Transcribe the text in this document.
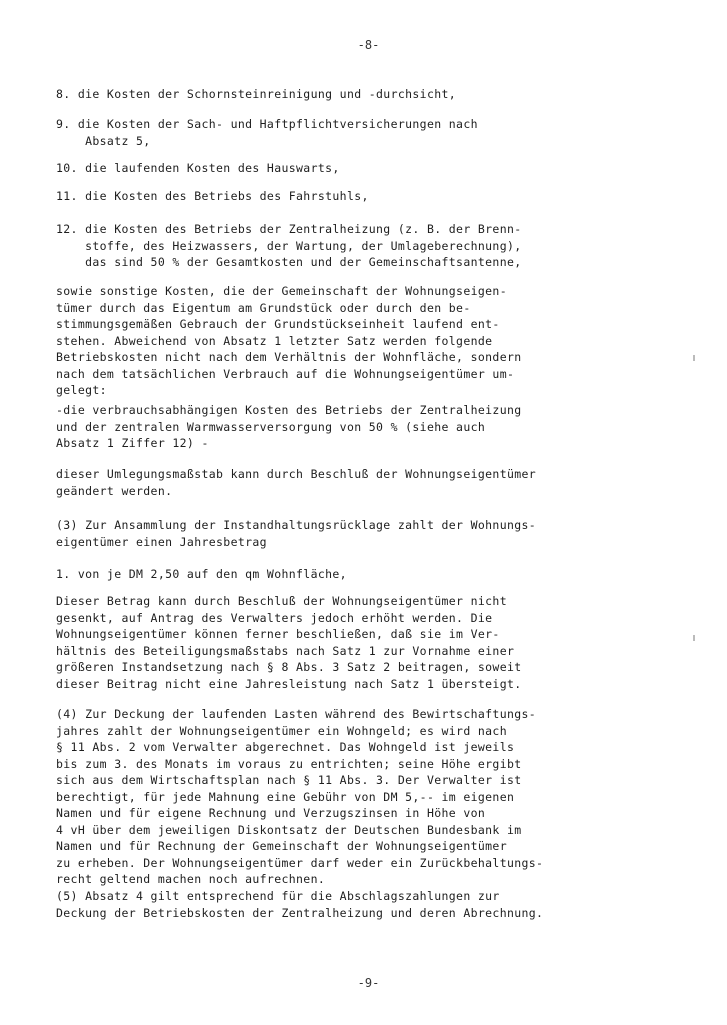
-8-
8. die Kosten der Schornsteinreinigung und -durchsicht,
9. die Kosten der Sach- und Haftpflichtversicherungen nach
Absatz 5,
10. die laufenden Kosten des Hauswarts,
11. die Kosten des Betriebs des Fahrstuhls,
12. die Kosten des Betriebs der Zentralheizung (z. B. der Brenn-
stoffe, des Heizwassers, der Wartung, der Umlageberechnung),
das sind 50 % der Gesamtkosten und der Gemeinschaftsantenne,
sowie sonstige Kosten, die der Gemeinschaft der Wohnungseigen-
tümer durch das Eigentum am Grundstück oder durch den be-
stimmungsgemäßen Gebrauch der Grundstückseinheit laufend ent-
stehen. Abweichend von Absatz 1 letzter Satz werden folgende
Betriebskosten nicht nach dem Verhältnis der Wohnfläche, sondern
nach dem tatsächlichen Verbrauch auf die Wohnungseigentümer um-
gelegt:
-die verbrauchsabhängigen Kosten des Betriebs der Zentralheizung
und der zentralen Warmwasserversorgung von 50 % (siehe auch
Absatz 1 Ziffer 12) -
dieser Umlegungsmaßstab kann durch Beschluß der Wohnungseigentümer
geändert werden.
(3) Zur Ansammlung der Instandhaltungsrücklage zahlt der Wohnungs-
eigentümer einen Jahresbetrag
1. von je DM 2,50 auf den qm Wohnfläche,
Dieser Betrag kann durch Beschluß der Wohnungseigentümer nicht
gesenkt, auf Antrag des Verwalters jedoch erhöht werden. Die
Wohnungseigentümer können ferner beschließen, daß sie im Ver-
hältnis des Beteiligungsmaßstabs nach Satz 1 zur Vornahme einer
größeren Instandsetzung nach § 8 Abs. 3 Satz 2 beitragen, soweit
dieser Beitrag nicht eine Jahresleistung nach Satz 1 übersteigt.
(4) Zur Deckung der laufenden Lasten während des Bewirtschaftungs-
jahres zahlt der Wohnungseigentümer ein Wohngeld; es wird nach
§ 11 Abs. 2 vom Verwalter abgerechnet. Das Wohngeld ist jeweils
bis zum 3. des Monats im voraus zu entrichten; seine Höhe ergibt
sich aus dem Wirtschaftsplan nach § 11 Abs. 3. Der Verwalter ist
berechtigt, für jede Mahnung eine Gebühr von DM 5,-- im eigenen
Namen und für eigene Rechnung und Verzugszinsen in Höhe von
4 vH über dem jeweiligen Diskontsatz der Deutschen Bundesbank im
Namen und für Rechnung der Gemeinschaft der Wohnungseigentümer
zu erheben. Der Wohnungseigentümer darf weder ein Zurückbehaltungs-
recht geltend machen noch aufrechnen.
(5) Absatz 4 gilt entsprechend für die Abschlagszahlungen zur
Deckung der Betriebskosten der Zentralheizung und deren Abrechnung.
-9-
